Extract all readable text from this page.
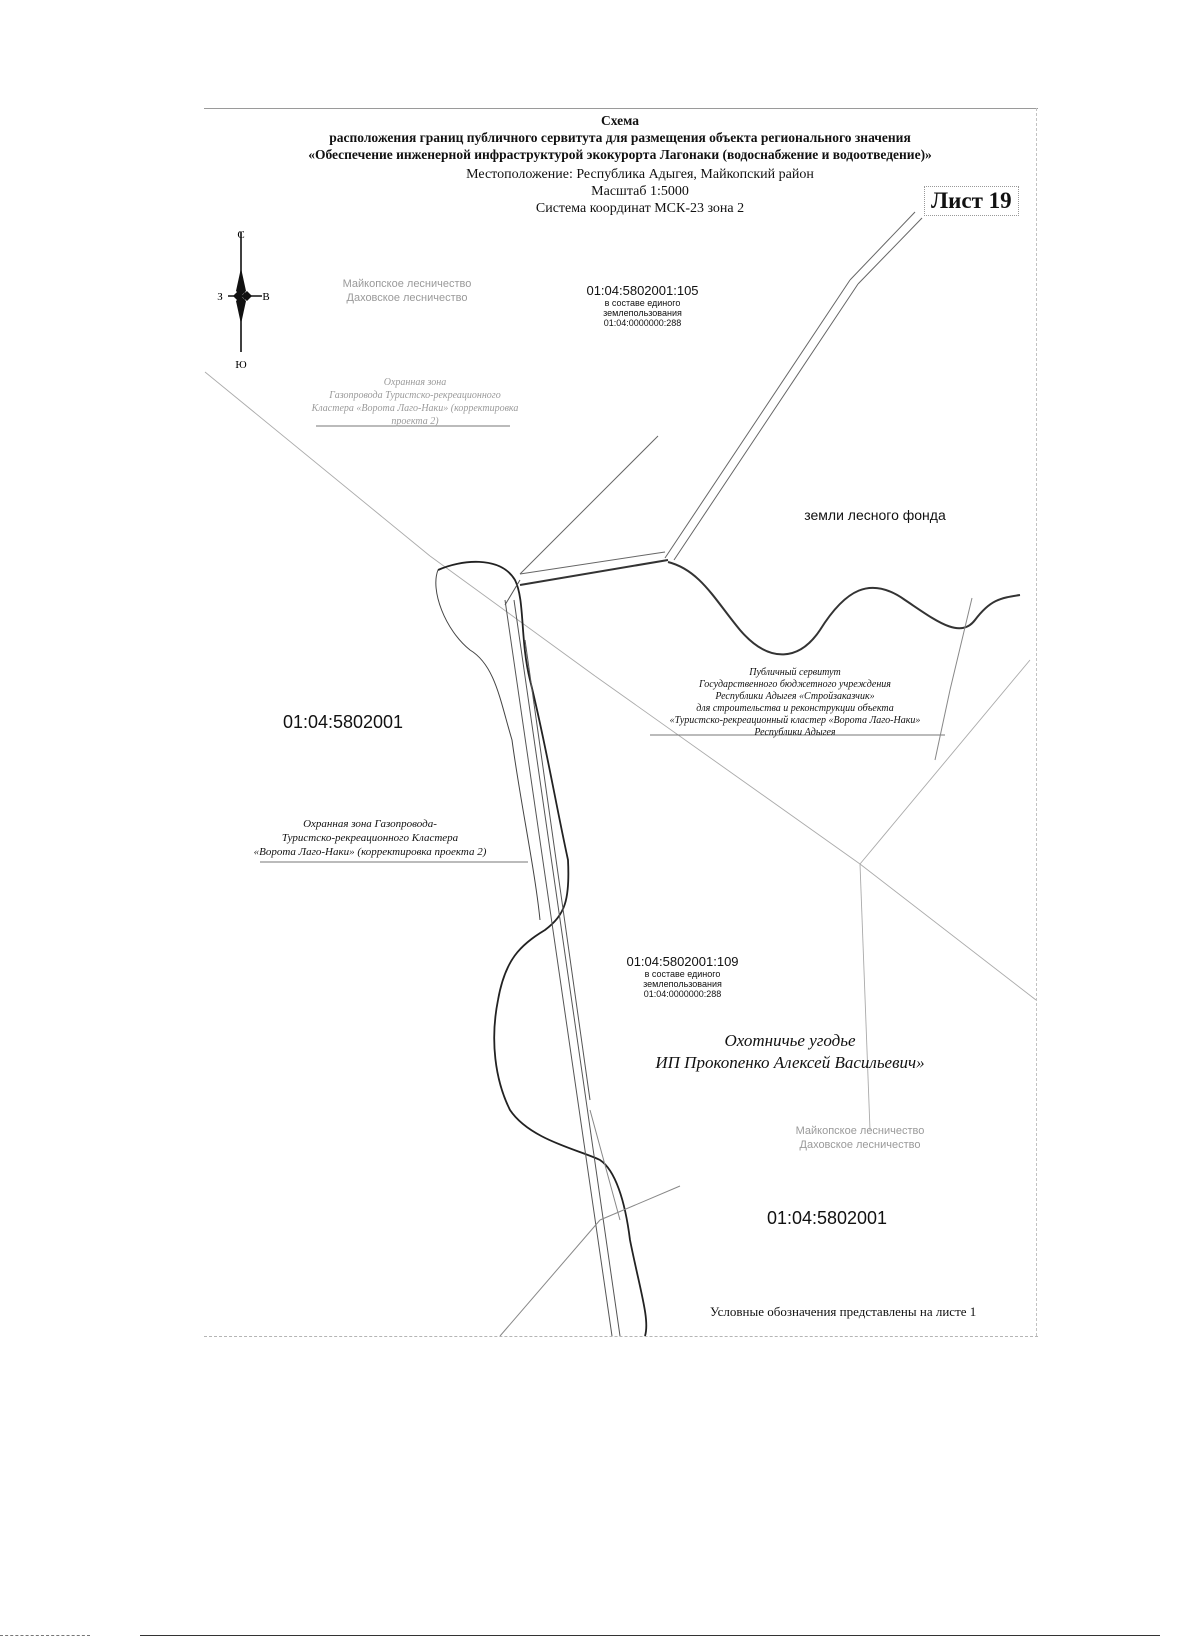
Схема
расположения границ публичного сервитута для размещения объекта регионального значения
«Обеспечение инженерной инфраструктурой экокурорта Лагонаки (водоснабжение и водоотведение)»
Местоположение: Республика Адыгея, Майкопский район
Масштаб 1:5000
Система координат МСК-23 зона 2	Лист 19
С
Ю
З	В
Майкопское лесничество
Даховское лесничество	01:04:5802001:105
в составе единого
землепользования
01:04:0000000:288
Охранная зона
Газопровода Туристско-рекреационного
Кластера «Ворота Лаго-Наки» (корректировка проекта 2)
земли лесного фонда
Публичный сервитут
Государственного бюджетного учреждения
Республики Адыгея «Стройзаказчик»
для строительства и реконструкции объекта
«Туристско-рекреационный кластер «Ворота Лаго-Наки»
Республики Адыгея
01:04:5802001
Охранная зона Газопровода-
Туристско-рекреационного Кластера
«Ворота Лаго-Наки» (корректировка проекта 2)
01:04:5802001:109
в составе единого
землепользования
01:04:0000000:288
Охотничье угодье
ИП Прокопенко Алексей Васильевич»
Майкопское лесничество
Даховское лесничество
01:04:5802001
Условные обозначения представлены на листе 1
